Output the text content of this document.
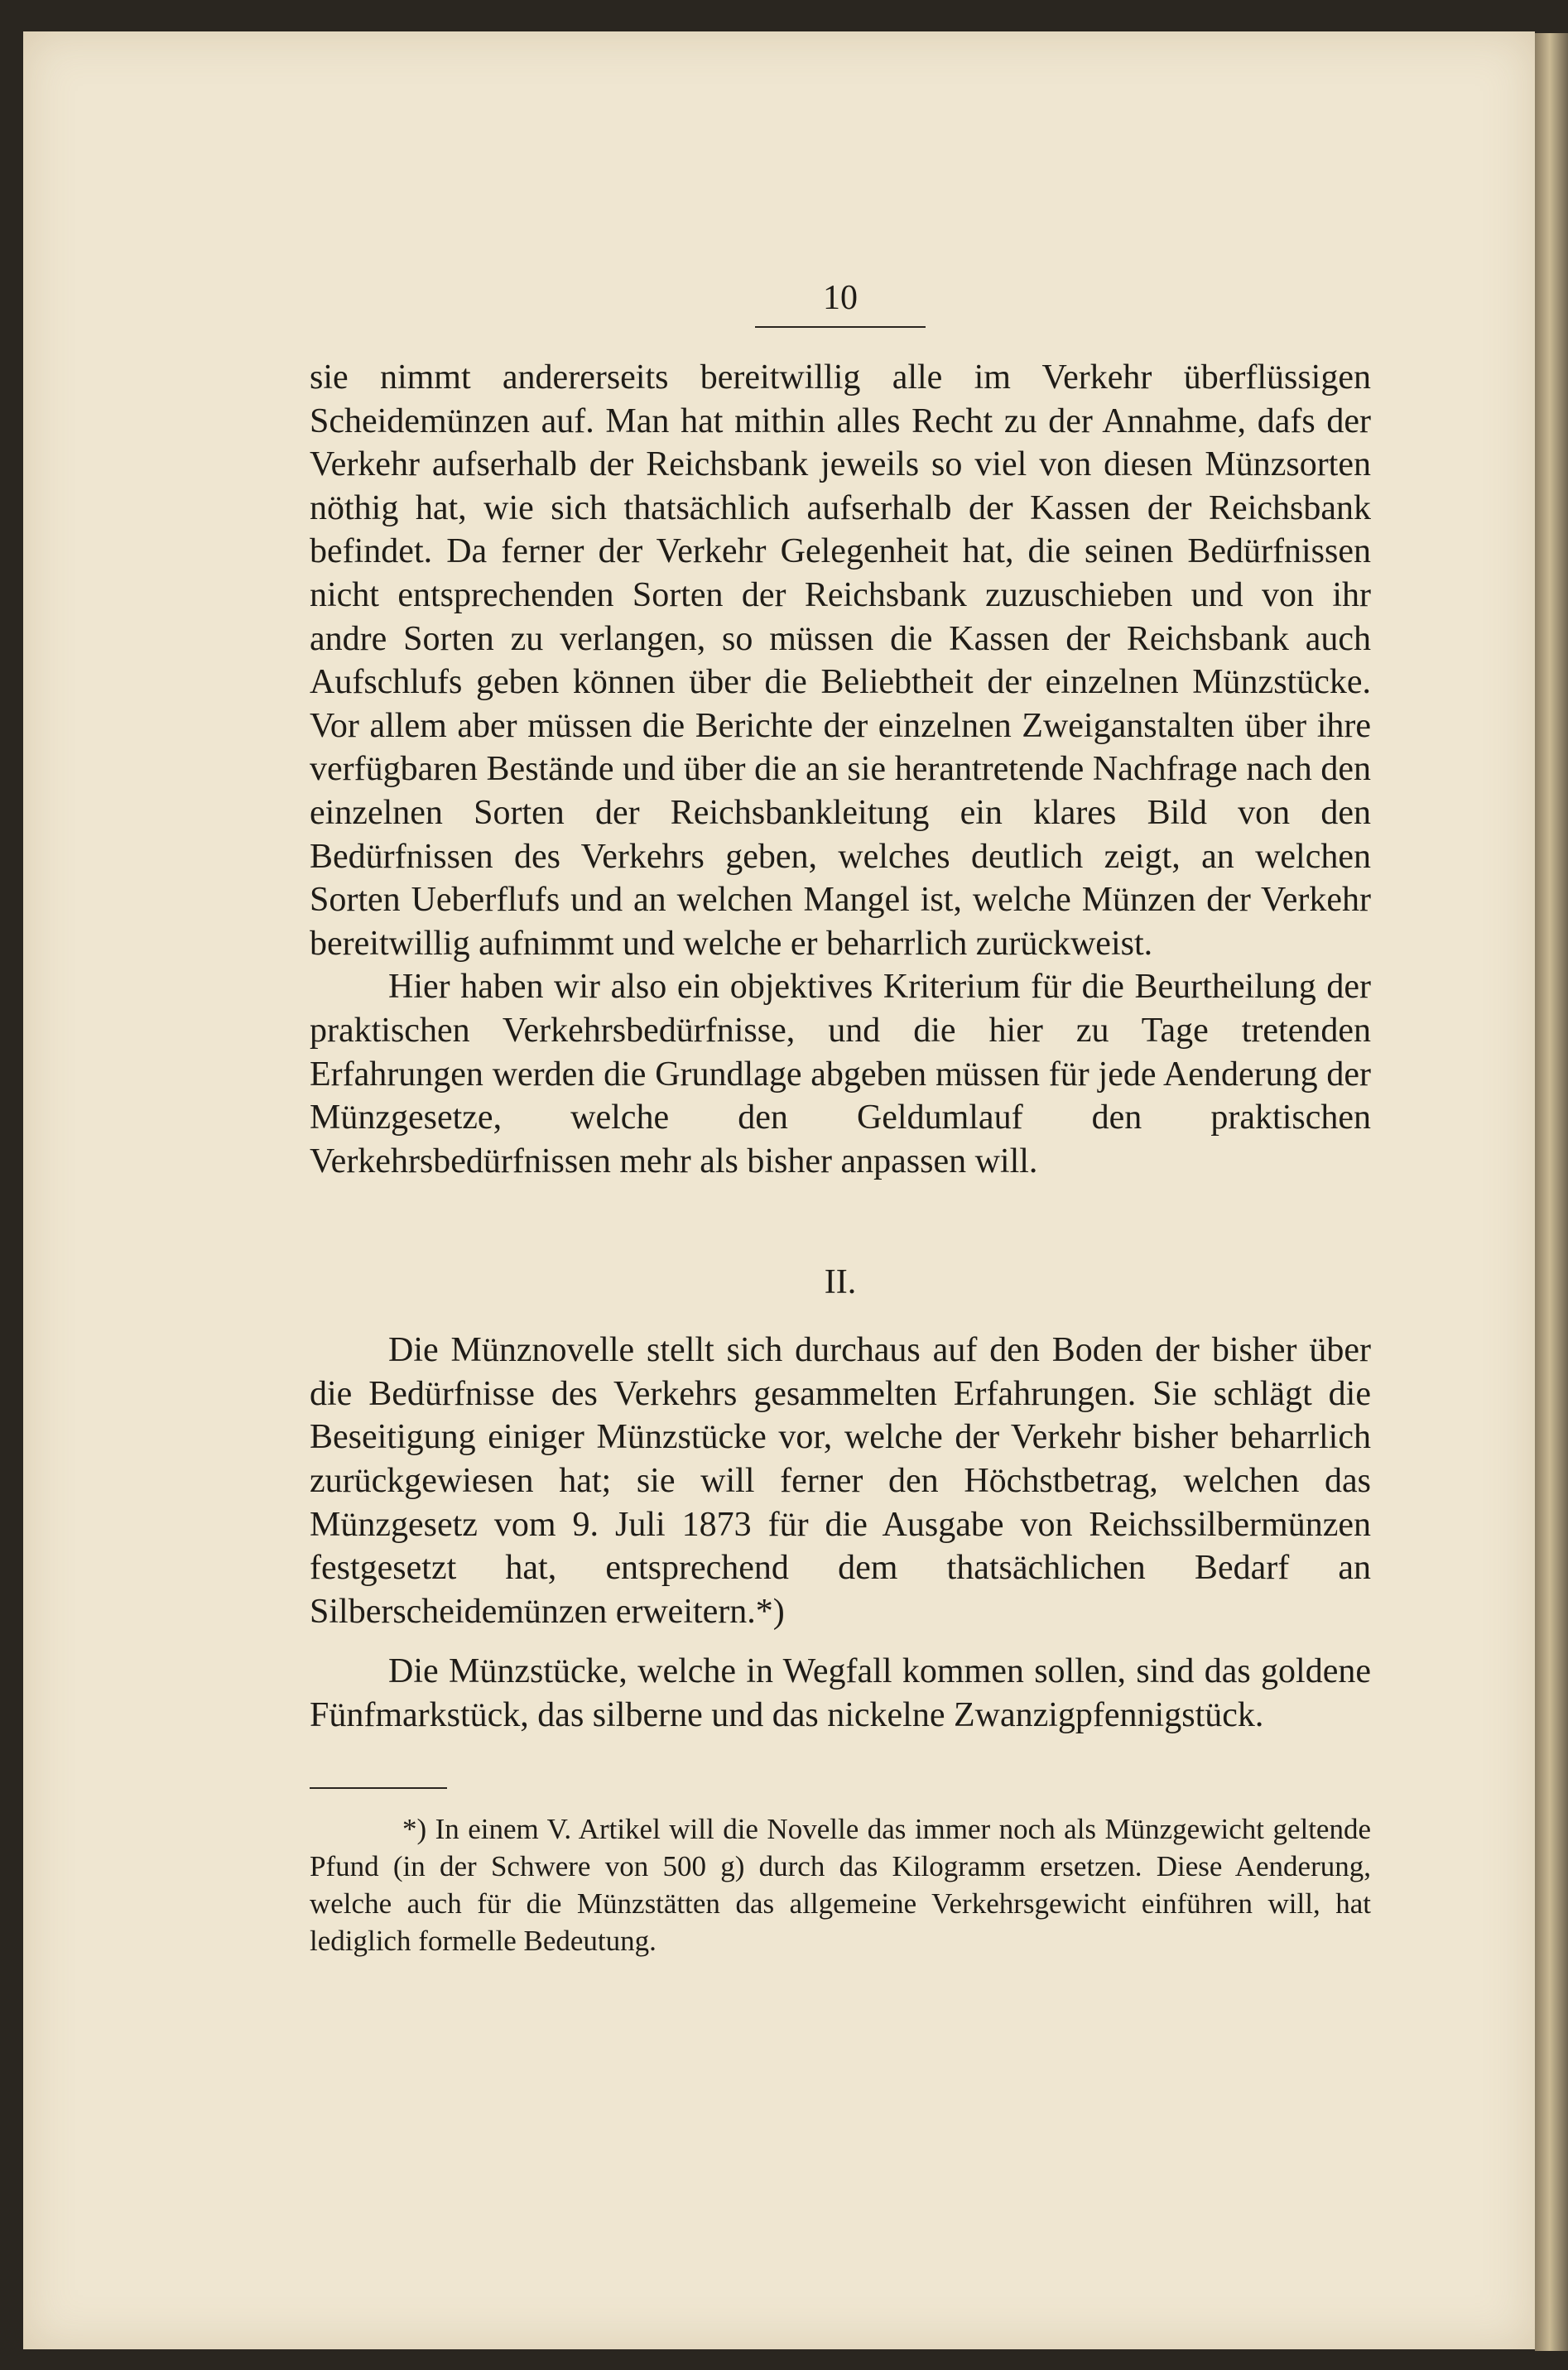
10

sie nimmt andererseits bereitwillig alle im Verkehr überflüssigen Scheidemünzen auf. Man hat mithin alles Recht zu der Annahme, dafs der Verkehr aufserhalb der Reichsbank jeweils so viel von diesen Münzsorten nöthig hat, wie sich thatsächlich aufserhalb der Kassen der Reichsbank befindet. Da ferner der Verkehr Gelegenheit hat, die seinen Bedürfnissen nicht entsprechenden Sorten der Reichsbank zuzuschieben und von ihr andre Sorten zu verlangen, so müssen die Kassen der Reichsbank auch Aufschlufs geben können über die Beliebtheit der einzelnen Münzstücke. Vor allem aber müssen die Berichte der einzelnen Zweiganstalten über ihre verfügbaren Bestände und über die an sie herantretende Nachfrage nach den einzelnen Sorten der Reichsbankleitung ein klares Bild von den Bedürfnissen des Verkehrs geben, welches deutlich zeigt, an welchen Sorten Ueberflufs und an welchen Mangel ist, welche Münzen der Verkehr bereitwillig aufnimmt und welche er beharrlich zurückweist.

Hier haben wir also ein objektives Kriterium für die Beurtheilung der praktischen Verkehrsbedürfnisse, und die hier zu Tage tretenden Erfahrungen werden die Grundlage abgeben müssen für jede Aenderung der Münzgesetze, welche den Geldumlauf den praktischen Verkehrsbedürfnissen mehr als bisher anpassen will.

II.

Die Münznovelle stellt sich durchaus auf den Boden der bisher über die Bedürfnisse des Verkehrs gesammelten Erfahrungen. Sie schlägt die Beseitigung einiger Münzstücke vor, welche der Verkehr bisher beharrlich zurückgewiesen hat; sie will ferner den Höchstbetrag, welchen das Münzgesetz vom 9. Juli 1873 für die Ausgabe von Reichssilbermünzen festgesetzt hat, entsprechend dem thatsächlichen Bedarf an Silberscheidemünzen erweitern.*)

Die Münzstücke, welche in Wegfall kommen sollen, sind das goldene Fünfmarkstück, das silberne und das nickelne Zwanzigpfennigstück.

*) In einem V. Artikel will die Novelle das immer noch als Münzgewicht geltende Pfund (in der Schwere von 500 g) durch das Kilogramm ersetzen. Diese Aenderung, welche auch für die Münzstätten das allgemeine Verkehrsgewicht einführen will, hat lediglich formelle Bedeutung.
